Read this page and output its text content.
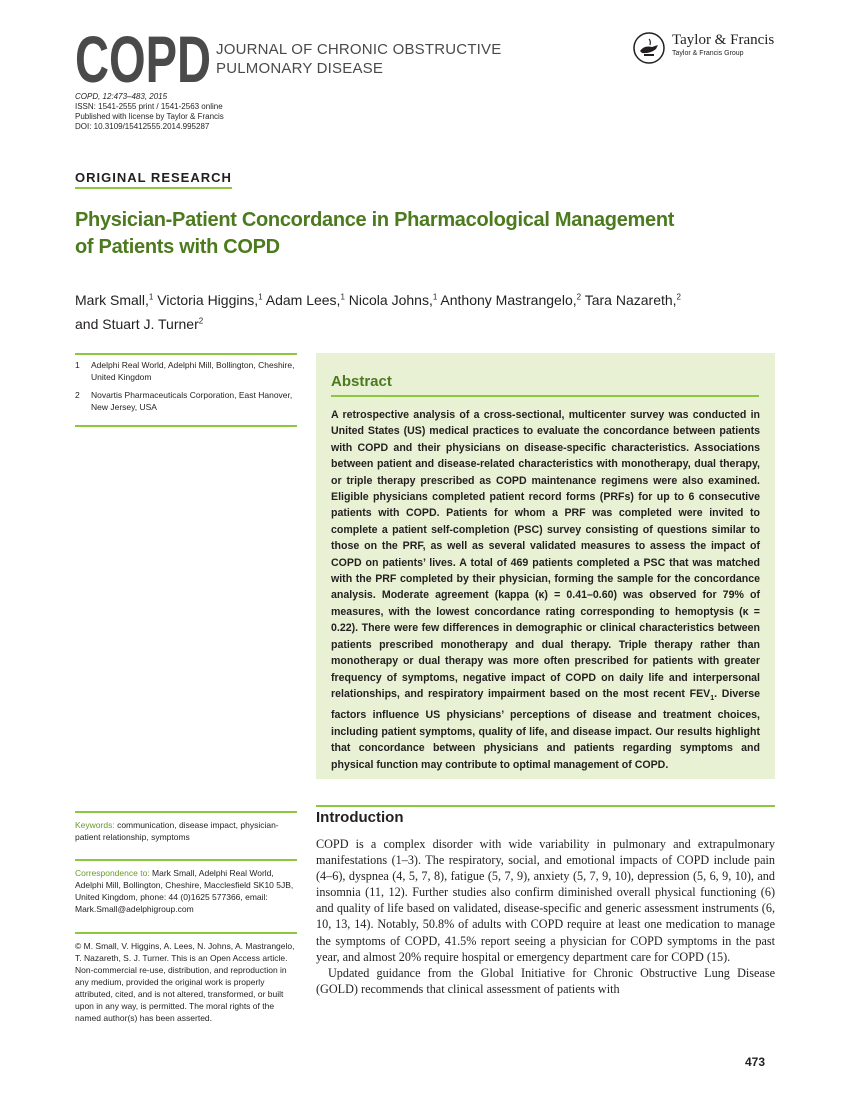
COPD JOURNAL OF CHRONIC OBSTRUCTIVE
PULMONARY DISEASE
Taylor & Francis
Taylor & Francis Group
COPD, 12:473–483, 2015
ISSN: 1541-2555 print / 1541-2563 online
Published with license by Taylor & Francis
DOI: 10.3109/15412555.2014.995287
ORIGINAL RESEARCH
Physician-Patient Concordance in Pharmacological Management
of Patients with COPD
Mark Small,$^1$ Victoria Higgins,$^1$ Adam Lees,$^1$ Nicola Johns,$^1$ Anthony Mastrangelo,$^2$ Tara Nazareth,$^2$
and Stuart J. Turner$^2$
1	Adelphi Real World, Adelphi Mill, Bollington, Cheshire, United Kingdom
2	Novartis Pharmaceuticals Corporation, East Hanover, New Jersey, USA

Keywords: communication, disease impact, physician-patient relationship, symptoms

Correspondence to: Mark Small, Adelphi Real World, Adelphi Mill, Bollington, Cheshire, Macclesfield SK10 5JB, United Kingdom, phone: 44 (0)1625 577366, email: Mark.Small@adelphigroup.com

© M. Small, V. Higgins, A. Lees, N. Johns, A. Mastrangelo, T. Nazareth, S. J. Turner. This is an Open Access article. Non-commercial re-use, distribution, and reproduction in any medium, provided the original work is properly attributed, cited, and is not altered, transformed, or built upon in any way, is permitted. The moral rights of the named author(s) has been asserted.

Abstract
A retrospective analysis of a cross-sectional, multicenter survey was conducted in United States (US) medical practices to evaluate the concordance between patients with COPD and their physicians on disease-specific characteristics. Associations between patient and disease-related characteristics with monotherapy, dual therapy, or triple therapy prescribed as COPD maintenance regimens were also examined. Eligible physicians completed patient record forms (PRFs) for up to 6 consecutive patients with COPD. Patients for whom a PRF was completed were invited to complete a patient self-completion (PSC) survey consisting of questions similar to those on the PRF, as well as several validated measures to assess the impact of COPD on patients’ lives. A total of 469 patients completed a PSC that was matched with the PRF completed by their physician, forming the sample for the concordance analysis. Moderate agreement (kappa (κ) = 0.41–0.60) was observed for 79% of measures, with the lowest concordance rating corresponding to hemoptysis (κ = 0.22). There were few differences in demographic or clinical characteristics between patients prescribed monotherapy and dual therapy. Triple therapy rather than monotherapy or dual therapy was more often prescribed for patients with greater frequency of symptoms, negative impact of COPD on daily life and interpersonal relationships, and respiratory impairment based on the most recent $FEV_1$. Diverse factors influence US physicians’ perceptions of disease and treatment choices, including patient symptoms, quality of life, and disease impact. Our results highlight that concordance between physicians and patients regarding symptoms and physical function may contribute to optimal management of COPD.
Introduction

COPD is a complex disorder with wide variability in pulmonary and extrapulmonary manifestations (1–3). The respiratory, social, and emotional impacts of COPD include pain (4–6), dyspnea (4, 5, 7, 8), fatigue (5, 7, 9), anxiety (5, 7, 9, 10), depression (5, 6, 9, 10), and insomnia (11, 12). Further studies also confirm diminished overall physical functioning (6) and quality of life based on validated, disease-specific and generic assessment instruments (6, 10, 13, 14). Notably, 50.8% of adults with COPD require at least one medication to manage the symptoms of COPD, 41.5% report seeing a physician for COPD symptoms in the past year, and almost 20% require hospital or emergency department care for COPD (15).

Updated guidance from the Global Initiative for Chronic Obstructive Lung Disease (GOLD) recommends that clinical assessment of patients with

473
